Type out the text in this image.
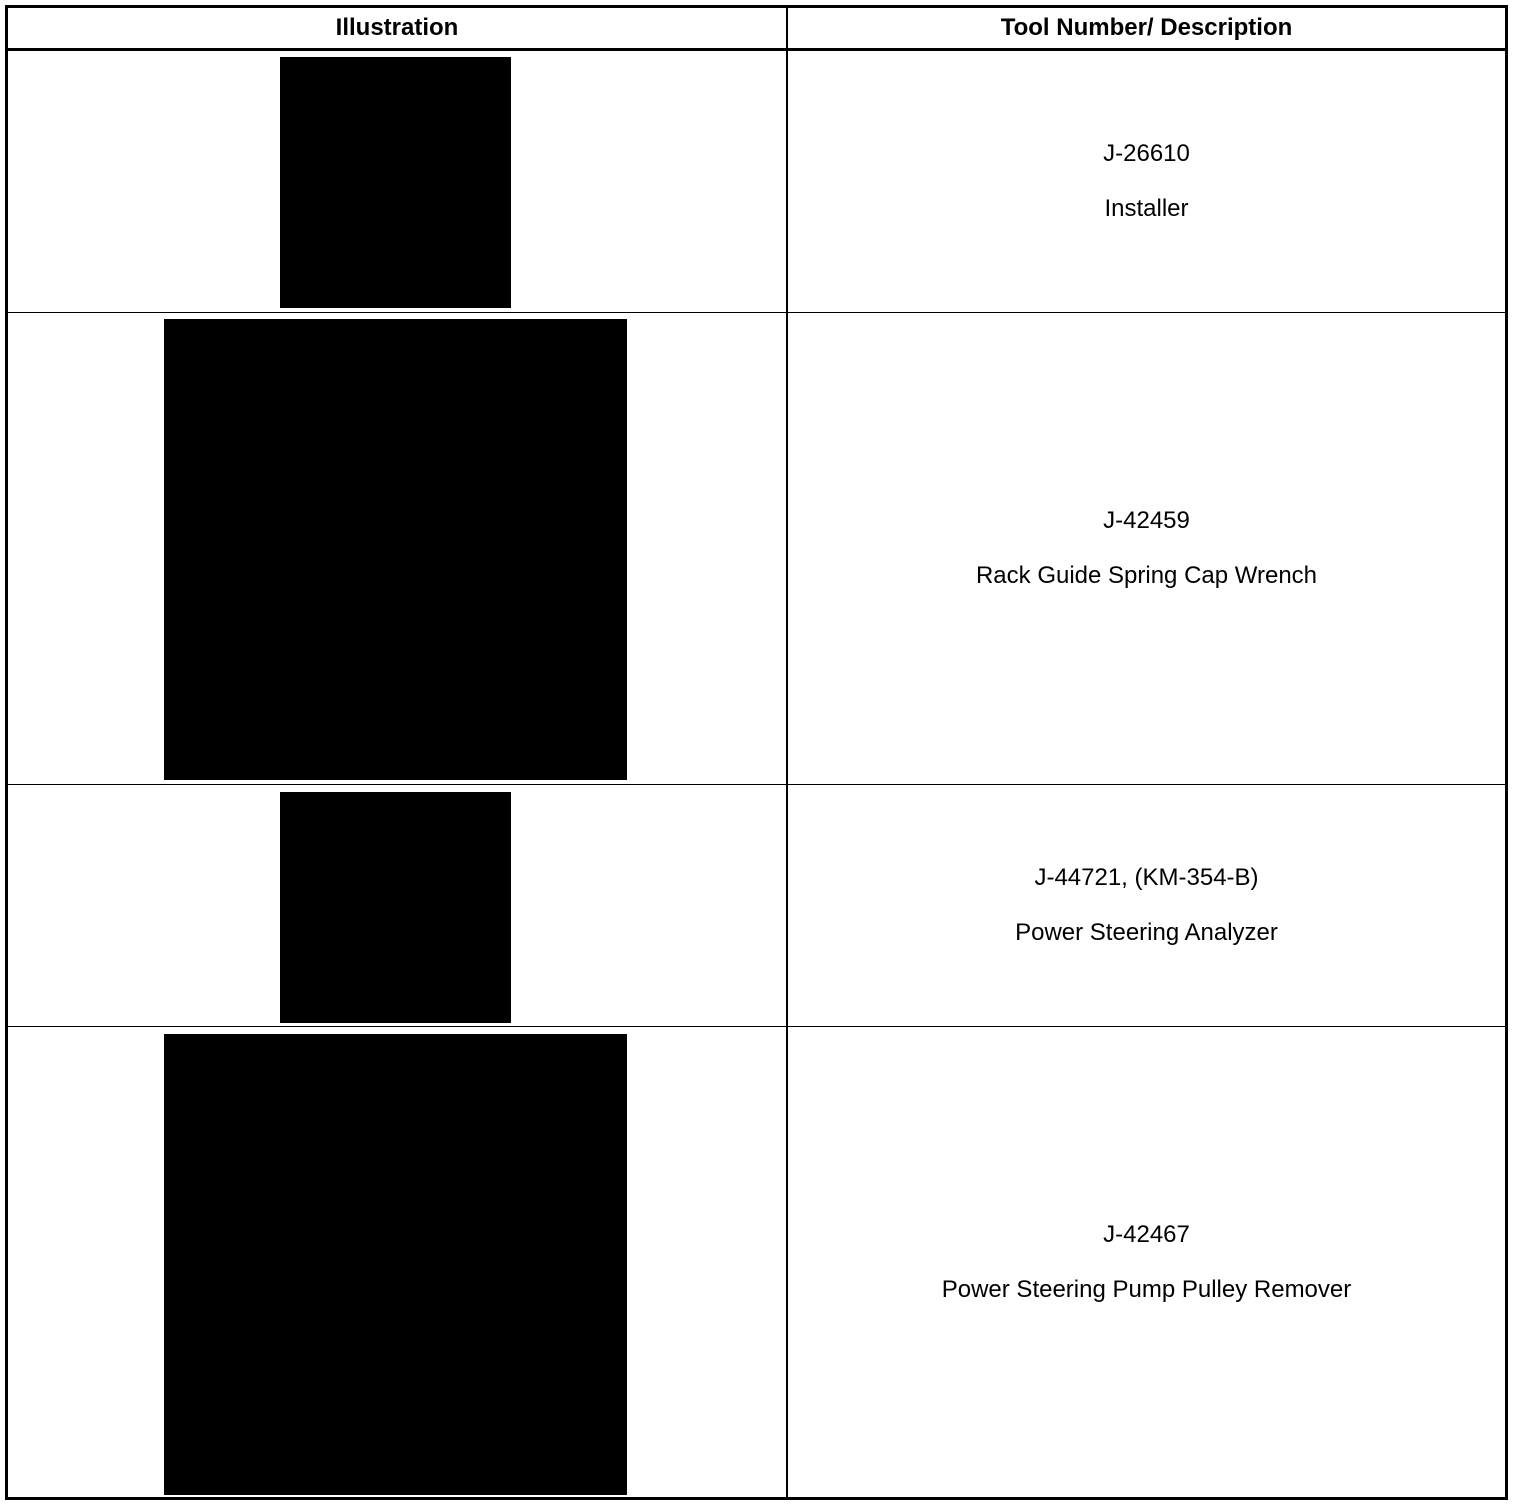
Illustration	Tool Number/ Description
J-26610
Installer
J-42459
Rack Guide Spring Cap Wrench
J-44721, (KM-354-B)
Power Steering Analyzer
J-42467
Power Steering Pump Pulley Remover
